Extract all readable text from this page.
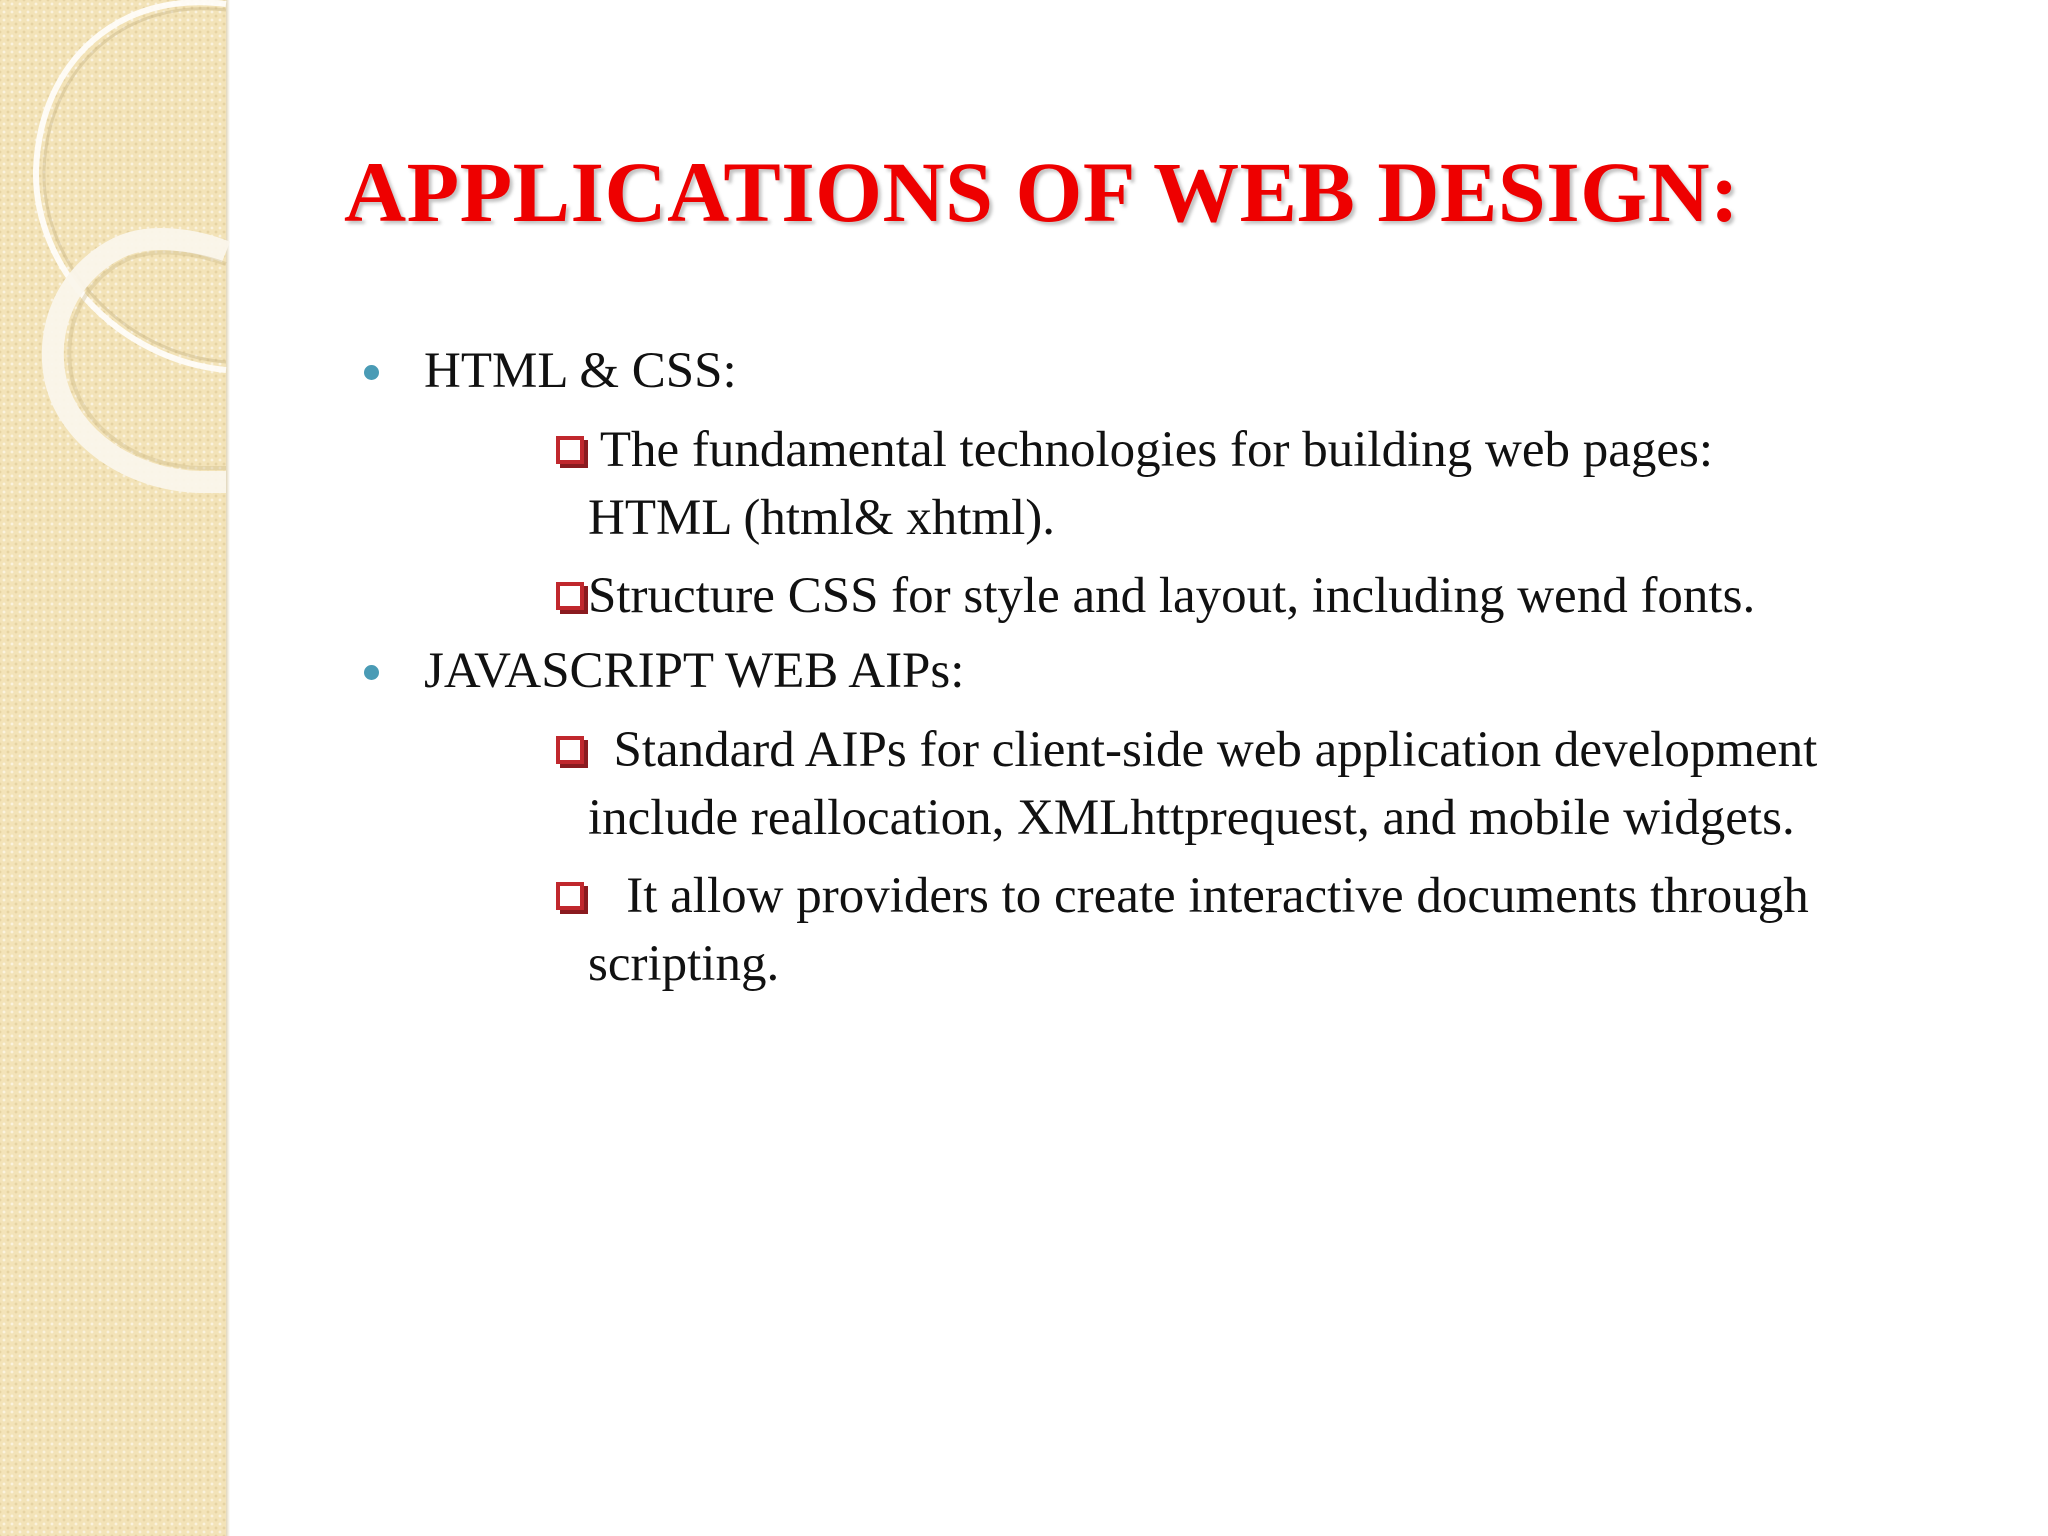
APPLICATIONS OF WEB DESIGN:

HTML & CSS:

The fundamental technologies for building web pages:
HTML (html& xhtml).

Structure CSS for style and layout, including wend fonts.

JAVASCRIPT WEB AIPs:

Standard AIPs for client-side web application development
include reallocation, XMLhttprequest, and mobile widgets.

It allow providers to create interactive documents through
scripting.
